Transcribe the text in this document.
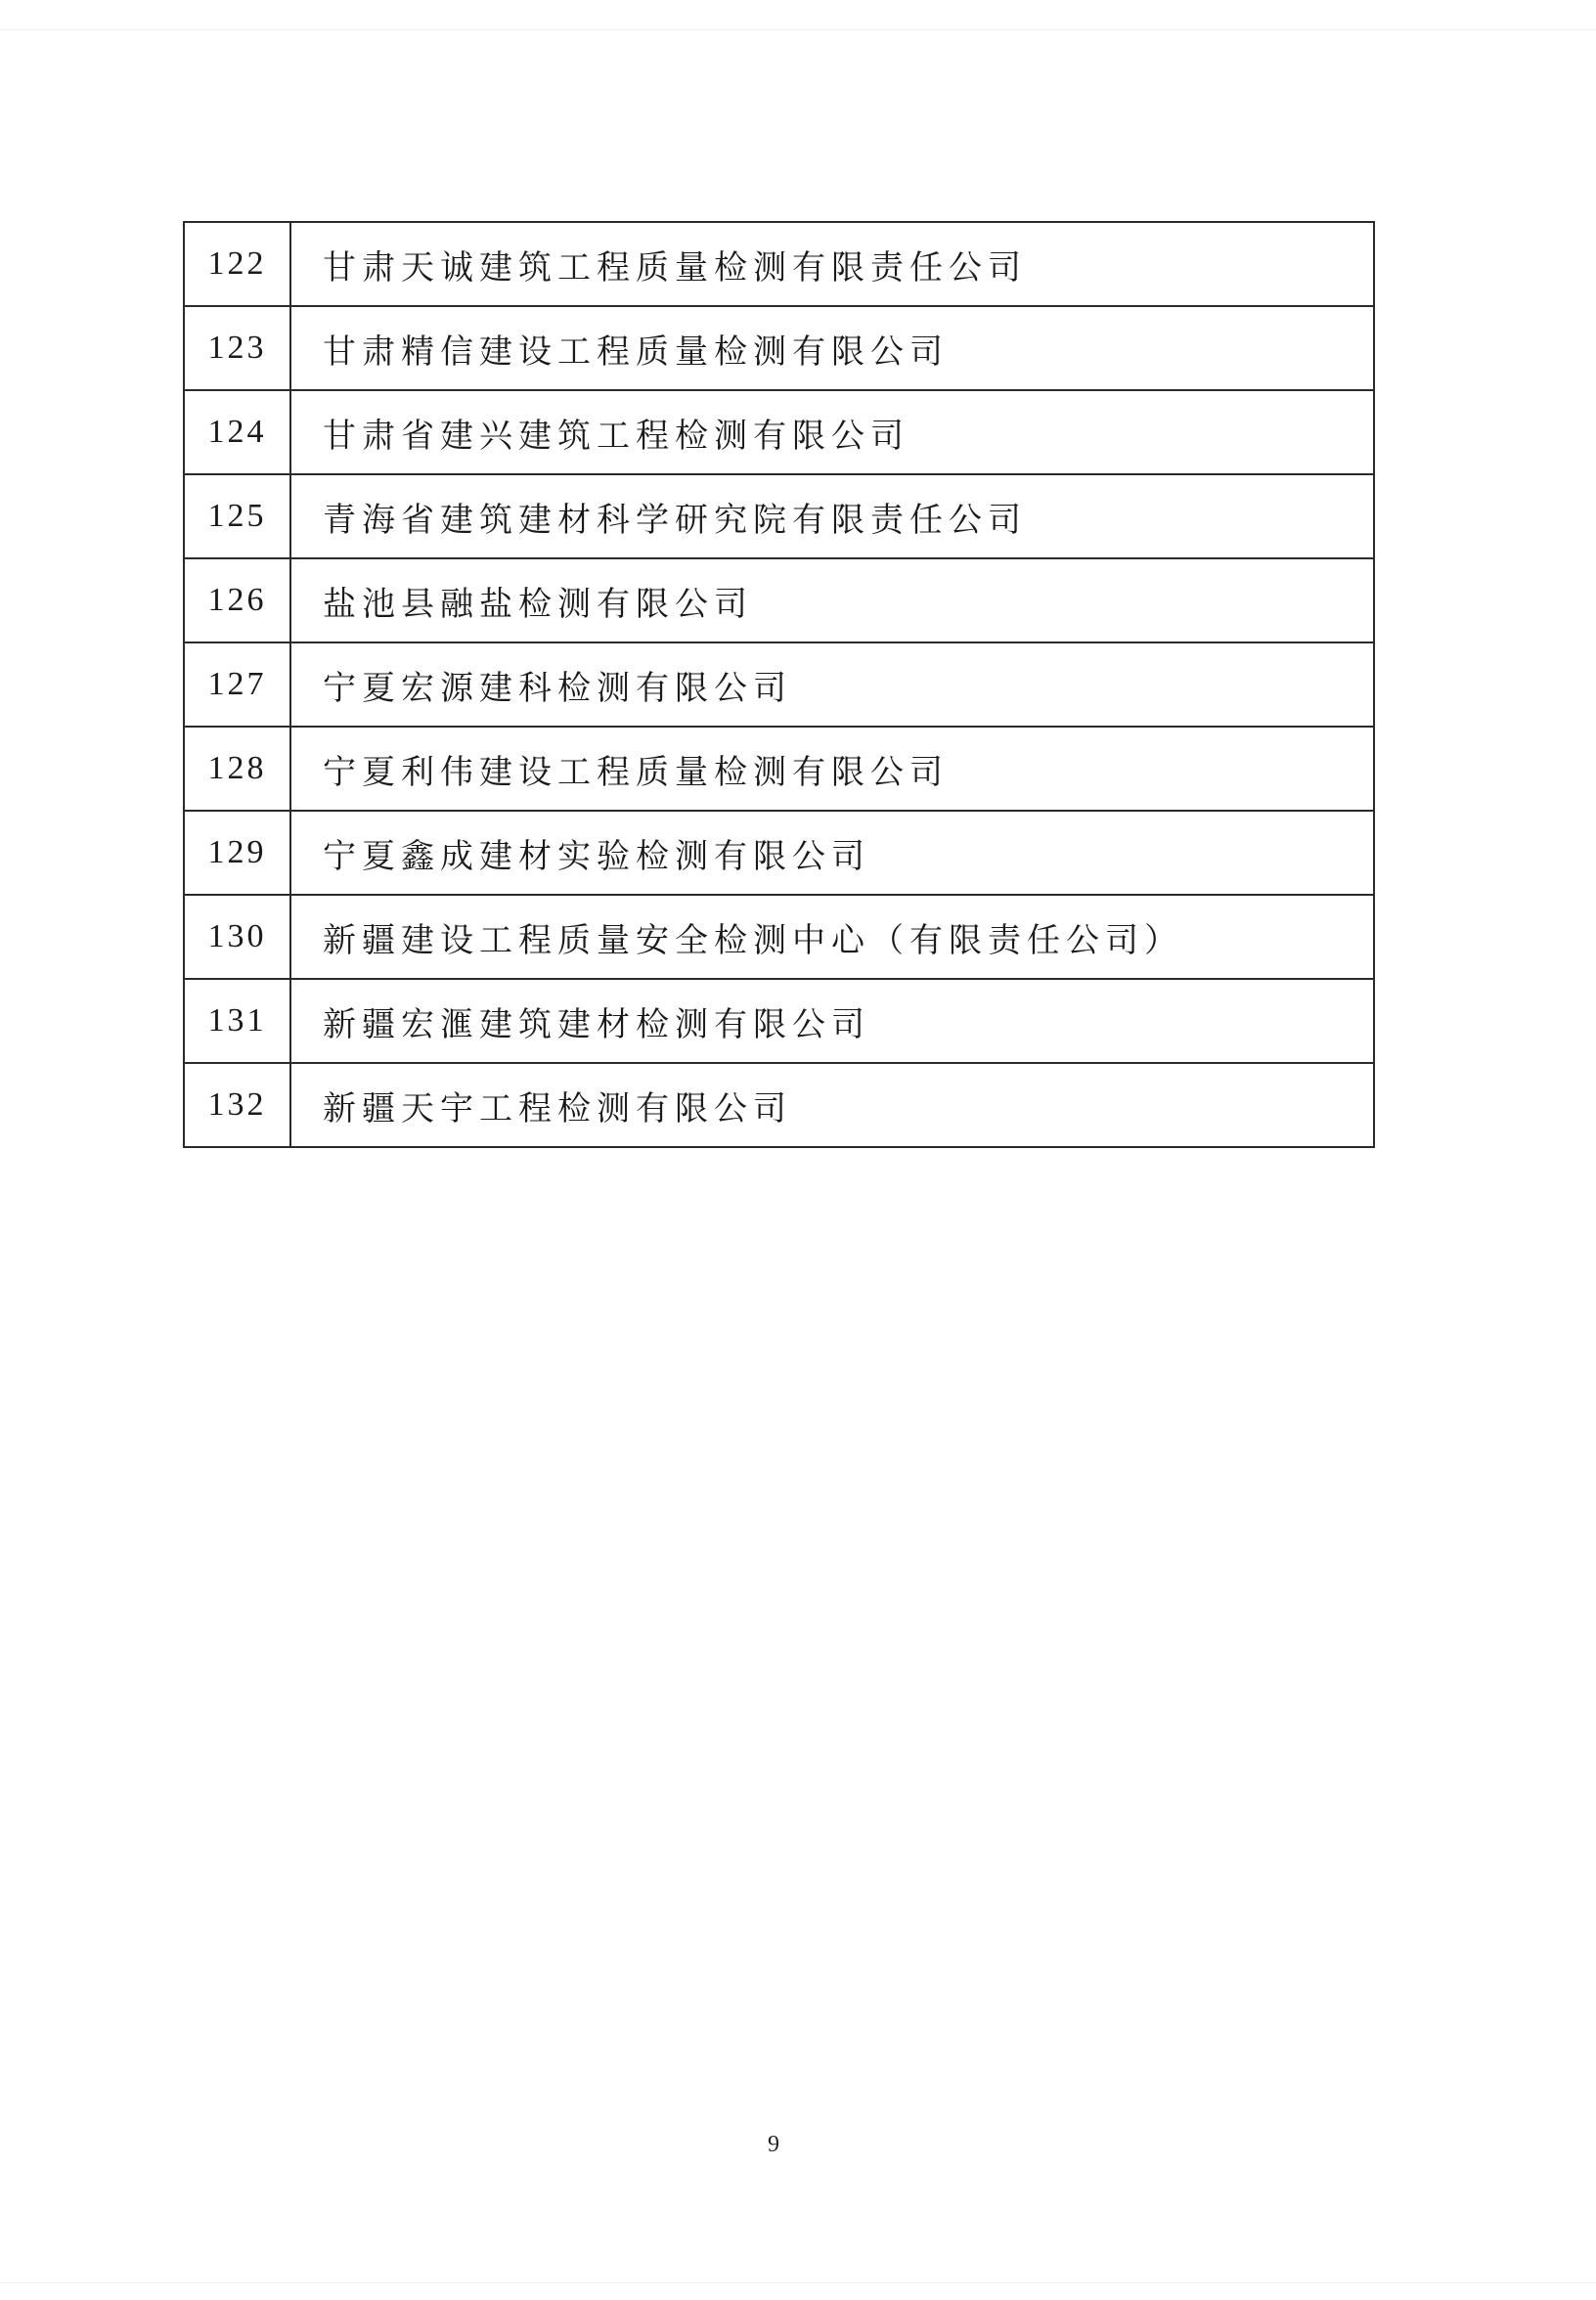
122	甘肃天诚建筑工程质量检测有限责任公司
123	甘肃精信建设工程质量检测有限公司
124	甘肃省建兴建筑工程检测有限公司
125	青海省建筑建材科学研究院有限责任公司
126	盐池县融盐检测有限公司
127	宁夏宏源建科检测有限公司
128	宁夏利伟建设工程质量检测有限公司
129	宁夏鑫成建材实验检测有限公司
130	新疆建设工程质量安全检测中心（有限责任公司）
131	新疆宏滙建筑建材检测有限公司
132	新疆天宇工程检测有限公司
9
